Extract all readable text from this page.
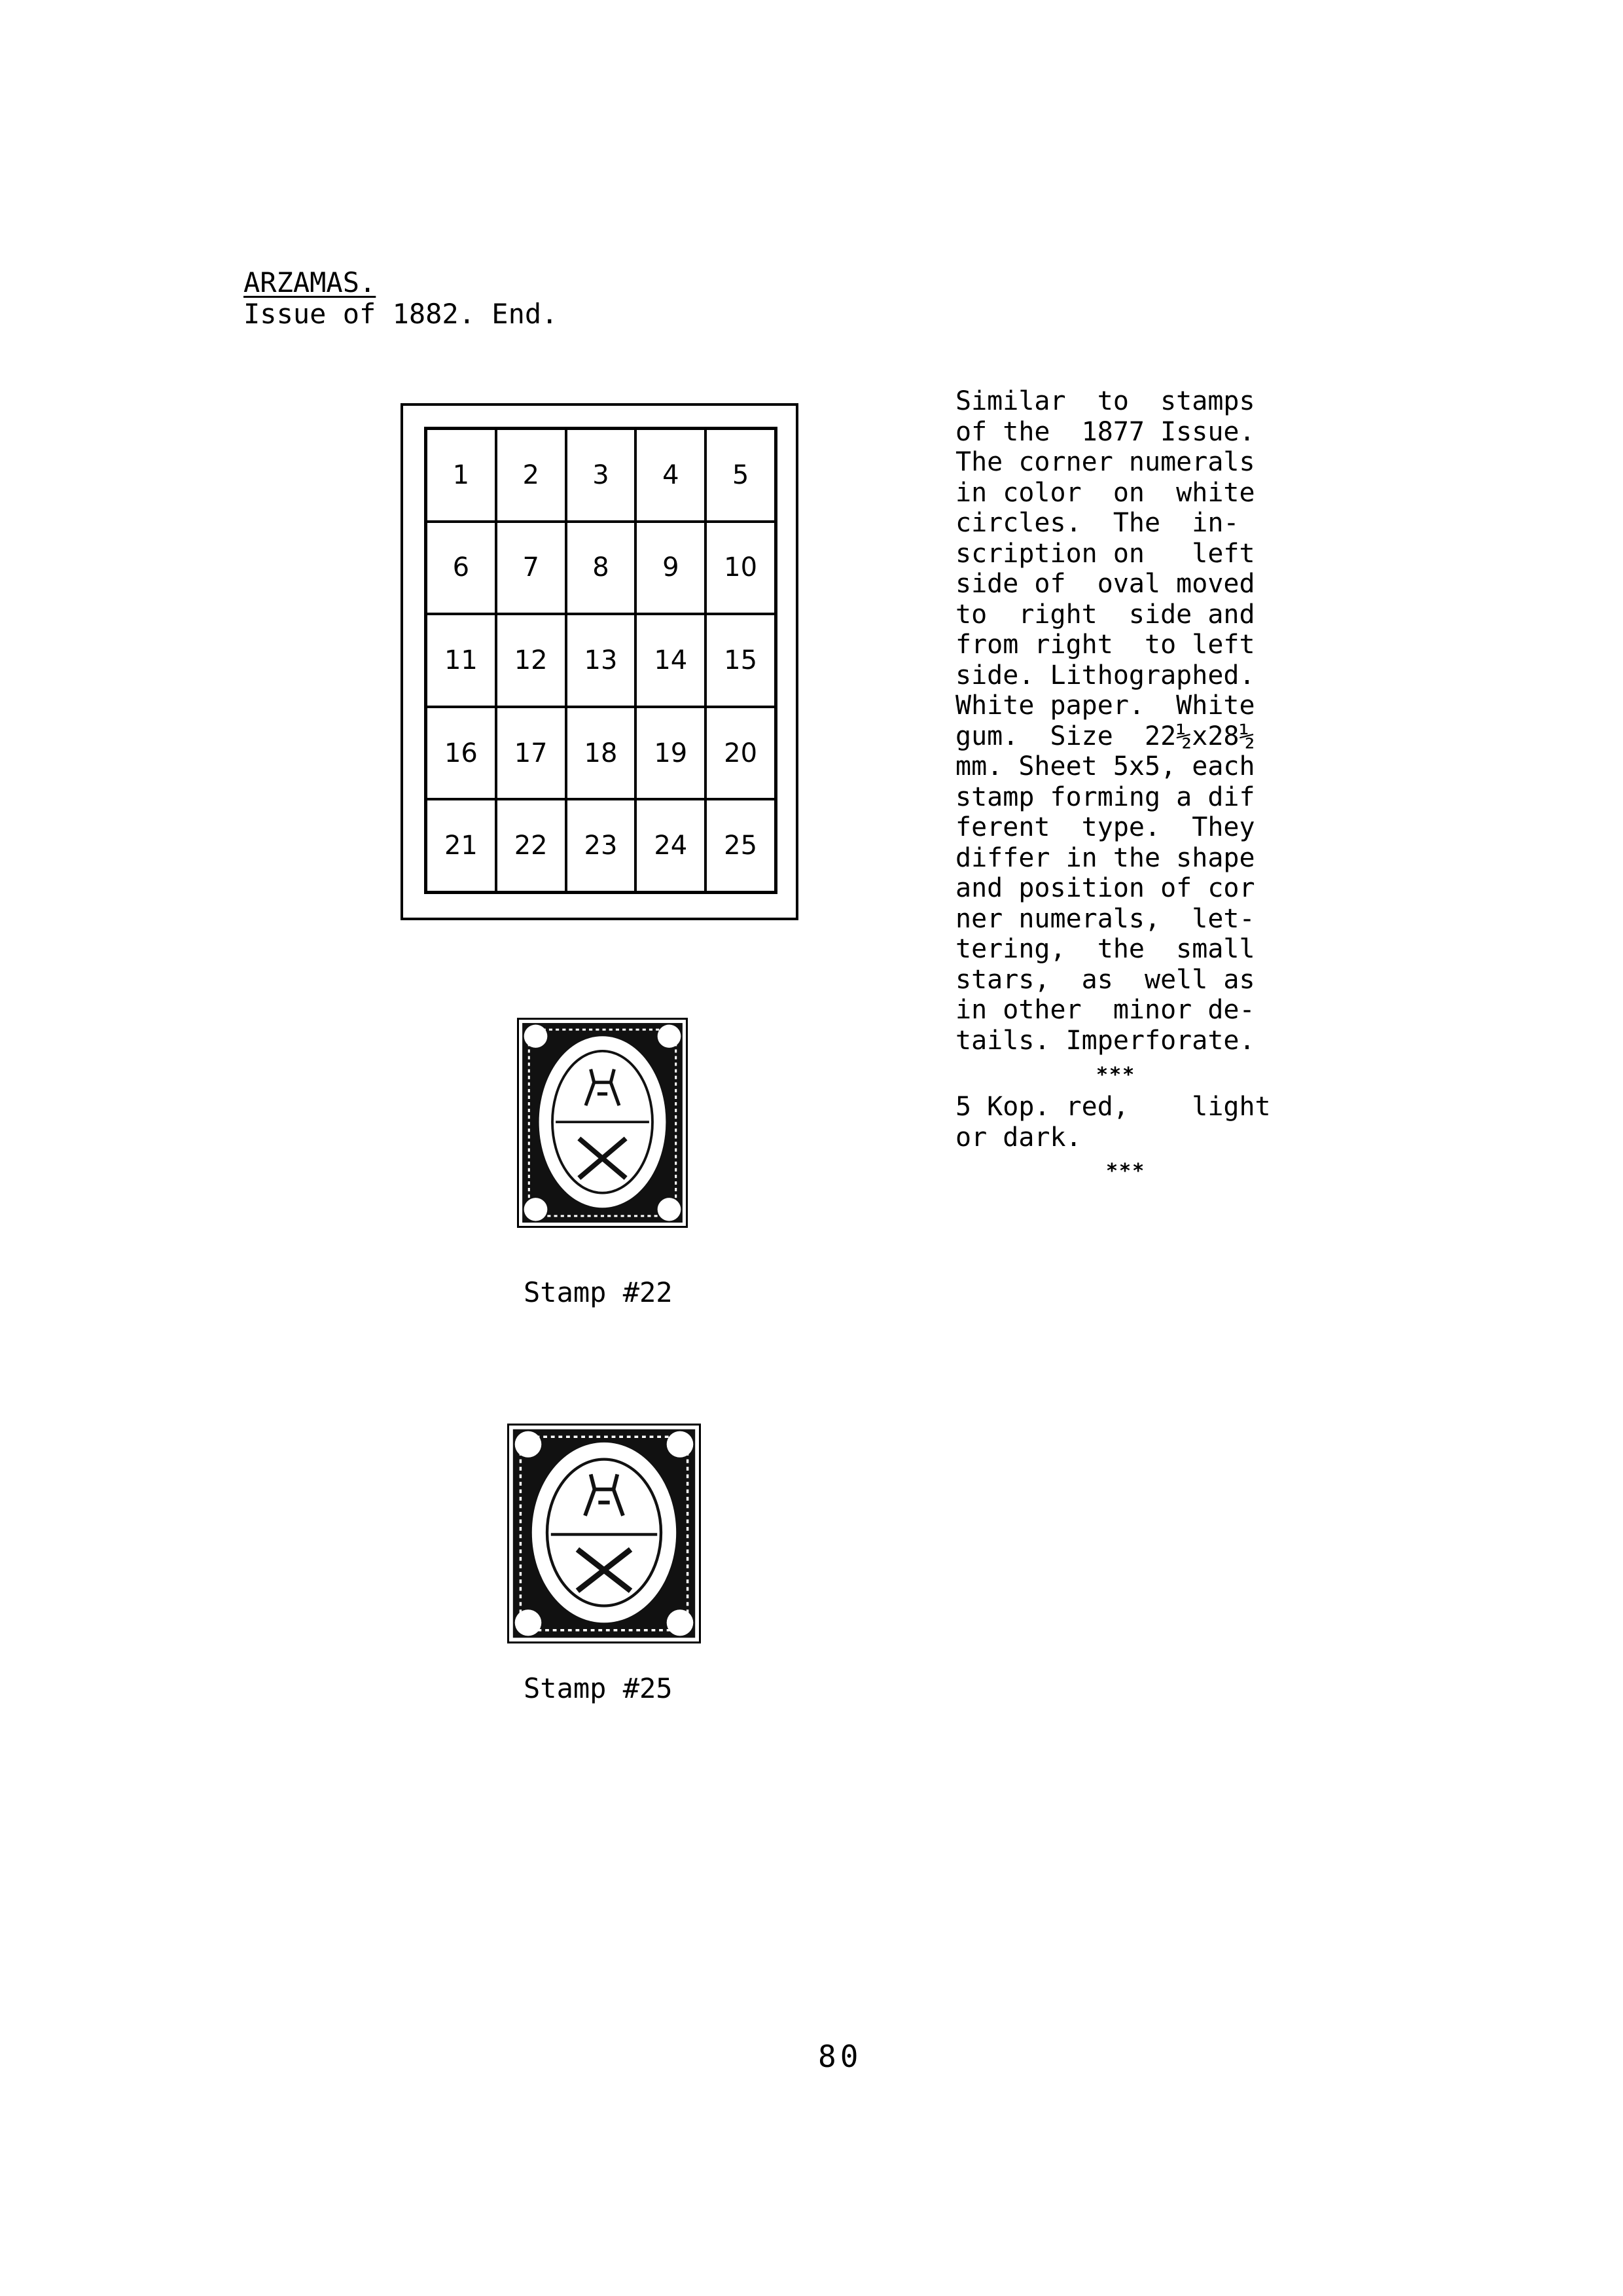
ARZAMAS.
Issue of 1882. End.
1	2	3	4	5
6	7	8	9	10
11	12	13	14	15
16	17	18	19	20
21	22	23	24	25
Similar  to  stamps
of the  1877 Issue.
The corner numerals
in color  on  white
circles.  The  in-
scription on   left
side of  oval moved
to  right  side and
from right  to left
side. Lithographed.
White paper.  White
gum.  Size  22½x28½
mm. Sheet 5x5, each
stamp forming a dif
ferent  type.  They
differ in the shape
and position of cor
ner numerals,  let-
tering,  the  small
stars,  as  well as
in other  minor de-
tails. Imperforate.
***
5 Kop. red,    light
or dark.
***
Stamp #22
Stamp #25
80
